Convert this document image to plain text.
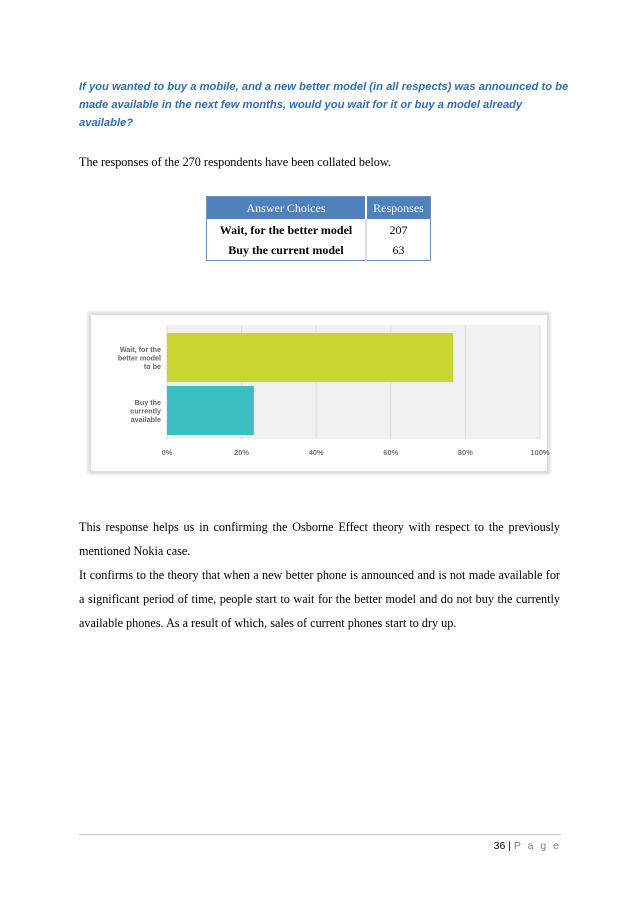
If you wanted to buy a mobile, and a new better model (in all respects) was announced to be made available in the next few months, would you wait for it or buy a model already available?

The responses of the 270 respondents have been collated below.

Answer Choices	Responses
Wait, for the better model	207
Buy the current model	63
0%	20%	40%	60%	80%	100%
Wait, for the
better model
to be
Buy the
currently
available

This response helps us in confirming the Osborne Effect theory with respect to the previously mentioned Nokia case.

It confirms to the theory that when a new better phone is announced and is not made available for a significant period of time, people start to wait for the better model and do not buy the currently available phones. As a result of which, sales of current phones start to dry up.

36 | P a g e
